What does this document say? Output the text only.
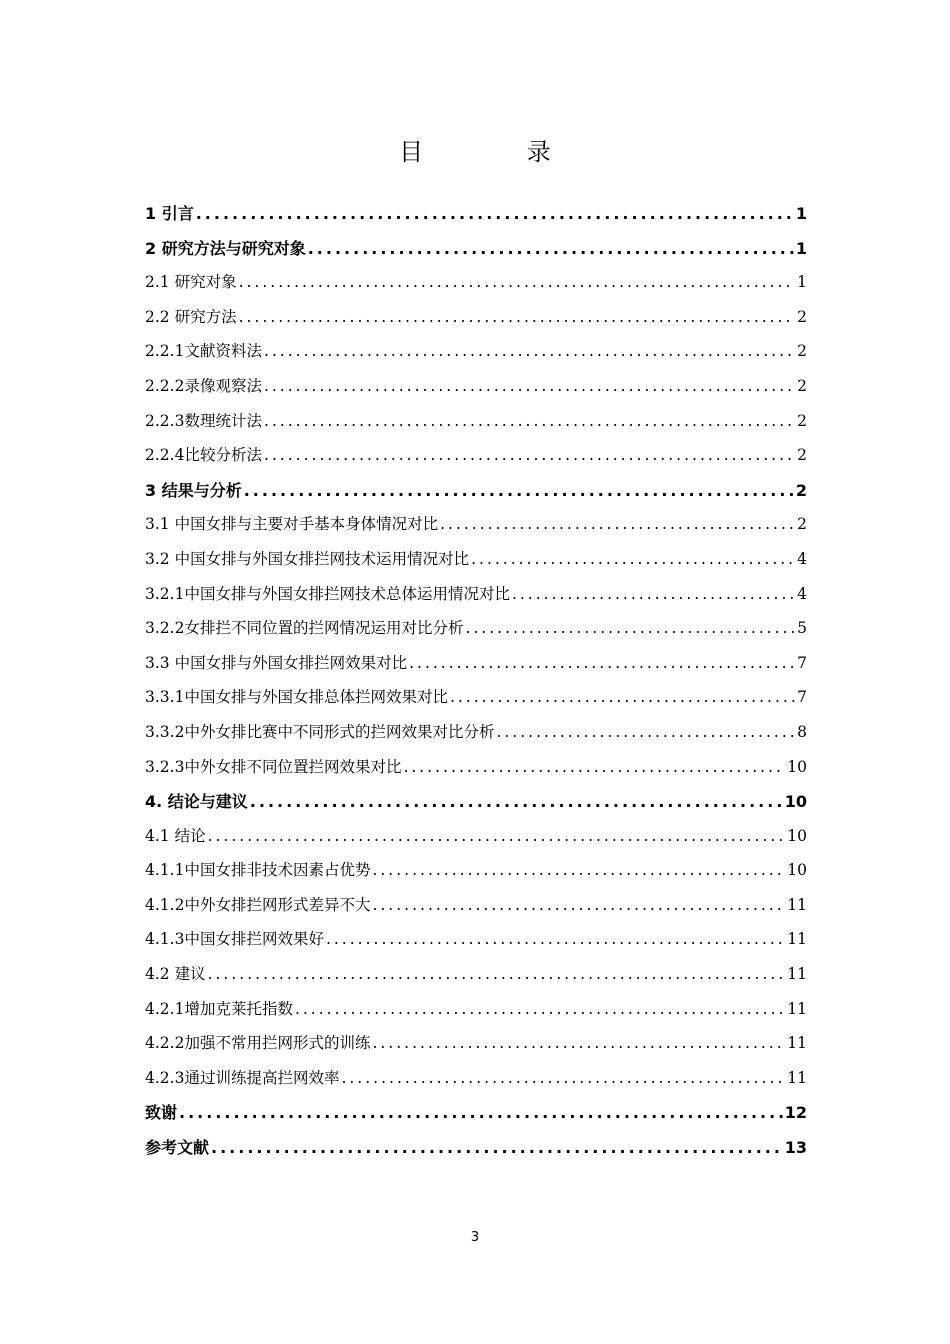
目 录
1 引言 .....	1
2 研究方法与研究对象 .....	1
2.1 研究对象 .....	1
2.2 研究方法 .....	2
2.2.1文献资料法 .....	2
2.2.2录像观察法 .....	2
2.2.3数理统计法 .....	2
2.2.4比较分析法 .....	2
3 结果与分析 .....	2
3.1 中国女排与主要对手基本身体情况对比 .....	2
3.2 中国女排与外国女排拦网技术运用情况对比 .....	4
3.2.1中国女排与外国女排拦网技术总体运用情况对比 .....	4
3.2.2女排拦不同位置的拦网情况运用对比分析 .....	5
3.3 中国女排与外国女排拦网效果对比 .....	7
3.3.1中国女排与外国女排总体拦网效果对比 .....	7
3.3.2中外女排比赛中不同形式的拦网效果对比分析 .....	8
3.2.3中外女排不同位置拦网效果对比 .....	10
4. 结论与建议 .....	10
4.1 结论 .....	10
4.1.1中国女排非技术因素占优势 .....	10
4.1.2中外女排拦网形式差异不大 .....	11
4.1.3中国女排拦网效果好 .....	11
4.2 建议 .....	11
4.2.1增加克莱托指数 .....	11
4.2.2加强不常用拦网形式的训练 .....	11
4.2.3通过训练提高拦网效率 .....	11
致谢 .....	12
参考文献 .....	13
3
